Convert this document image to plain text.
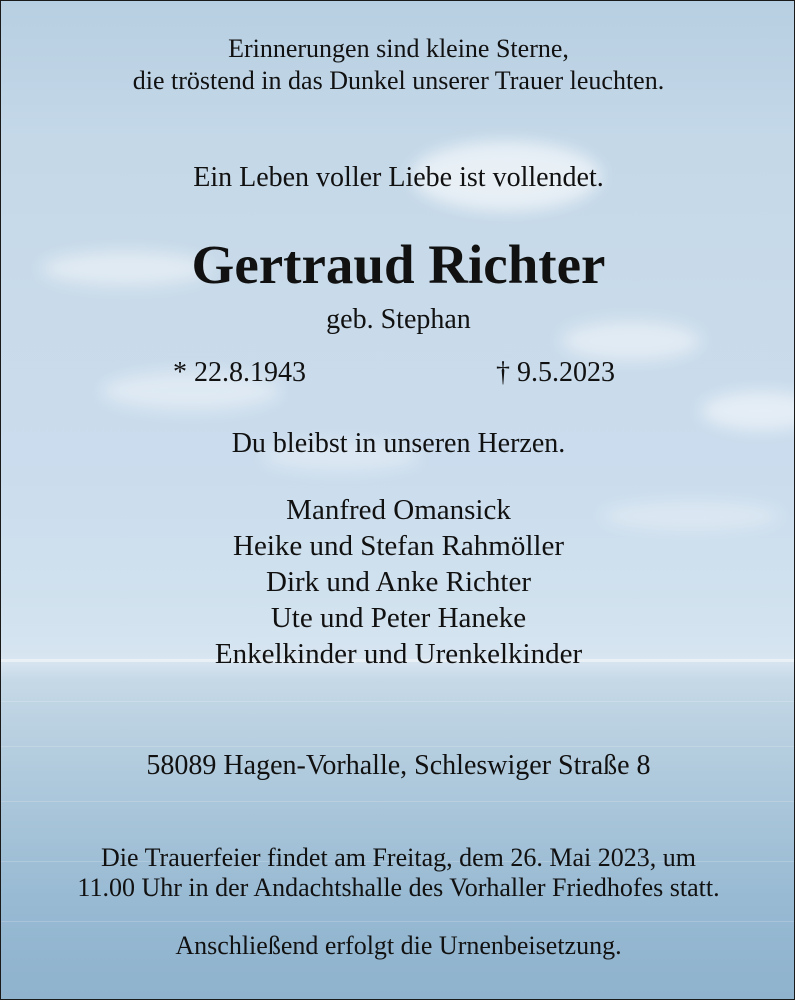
Erinnerungen sind kleine Sterne,
die tröstend in das Dunkel unserer Trauer leuchten.
Ein Leben voller Liebe ist vollendet.
Gertraud Richter
geb. Stephan
* 22.8.1943	† 9.5.2023
Du bleibst in unseren Herzen.
Manfred Omansick
Heike und Stefan Rahmöller
Dirk und Anke Richter
Ute und Peter Haneke
Enkelkinder und Urenkelkinder
58089 Hagen-Vorhalle, Schleswiger Straße 8
Die Trauerfeier findet am Freitag, dem 26. Mai 2023, um
11.00 Uhr in der Andachtshalle des Vorhaller Friedhofes statt.
Anschließend erfolgt die Urnenbeisetzung.
